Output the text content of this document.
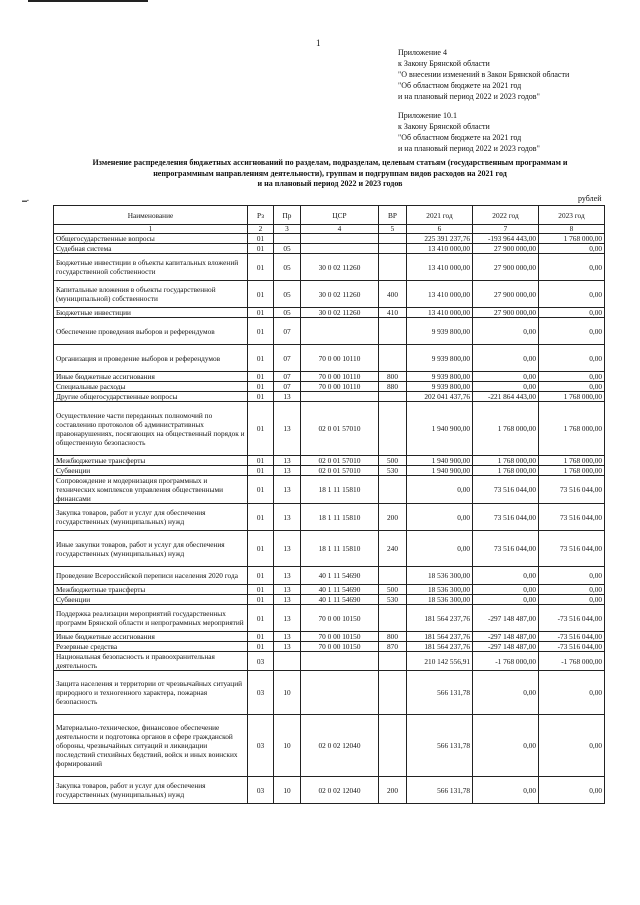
1
Приложение 4
к Закону Брянской области
"О внесении изменений в Закон Брянской области
"Об областном бюджете на 2021 год
и на плановый период 2022 и 2023 годов"
Приложение 10.1
к Закону Брянской области
"Об областном бюджете на 2021 год
и на плановый период 2022 и 2023 годов"
Изменение распределения бюджетных ассигнований по разделам, подразделам, целевым статьям (государственным программам и
непрограммным направлениям деятельности), группам и подгруппам видов расходов на 2021 год
и на плановый период 2022 и 2023 годов
▬▪	рублей
Наименование	Рз	Пр	ЦСР	ВР	2021 год	2022 год	2023 год
1	2	3	4	5	6	7	8
Общегосударственные вопросы	01				225 391 237,76	-193 964 443,00	1 768 000,00
Судебная система	01	05			13 410 000,00	27 900 000,00	0,00
Бюджетные инвестиции в объекты капитальных вложений государственной собственности	01	05	30 0 02 11260		13 410 000,00	27 900 000,00	0,00
Капитальные вложения в объекты государственной (муниципальной) собственности	01	05	30 0 02 11260	400	13 410 000,00	27 900 000,00	0,00
Бюджетные инвестиции	01	05	30 0 02 11260	410	13 410 000,00	27 900 000,00	0,00
Обеспечение проведения выборов и референдумов	01	07			9 939 800,00	0,00	0,00
Организация и проведение выборов и референдумов	01	07	70 0 00 10110		9 939 800,00	0,00	0,00
Иные бюджетные ассигнования	01	07	70 0 00 10110	800	9 939 800,00	0,00	0,00
Специальные расходы	01	07	70 0 00 10110	880	9 939 800,00	0,00	0,00
Другие общегосударственные вопросы	01	13			202 041 437,76	-221 864 443,00	1 768 000,00
Осуществление части переданных полномочий по составлению протоколов об административных правонарушениях, посягающих на общественный порядок и общественную безопасность	01	13	02 0 01 57010		1 940 900,00	1 768 000,00	1 768 000,00
Межбюджетные трансферты	01	13	02 0 01 57010	500	1 940 900,00	1 768 000,00	1 768 000,00
Субвенции	01	13	02 0 01 57010	530	1 940 900,00	1 768 000,00	1 768 000,00
Сопровождение и модернизация программных и технических комплексов управления общественными финансами	01	13	18 1 11 15810		0,00	73 516 044,00	73 516 044,00
Закупка товаров, работ и услуг для обеспечения государственных (муниципальных) нужд	01	13	18 1 11 15810	200	0,00	73 516 044,00	73 516 044,00
Иные закупки товаров, работ и услуг для обеспечения государственных (муниципальных) нужд	01	13	18 1 11 15810	240	0,00	73 516 044,00	73 516 044,00
Проведение Всероссийской переписи населения 2020 года	01	13	40 1 11 54690		18 536 300,00	0,00	0,00
Межбюджетные трансферты	01	13	40 1 11 54690	500	18 536 300,00	0,00	0,00
Субвенции	01	13	40 1 11 54690	530	18 536 300,00	0,00	0,00
Поддержка реализации мероприятий государственных программ Брянской области и непрограммных мероприятий	01	13	70 0 00 10150		181 564 237,76	-297 148 487,00	-73 516 044,00
Иные бюджетные ассигнования	01	13	70 0 00 10150	800	181 564 237,76	-297 148 487,00	-73 516 044,00
Резервные средства	01	13	70 0 00 10150	870	181 564 237,76	-297 148 487,00	-73 516 044,00
Национальная безопасность и правоохранительная деятельность	03				210 142 556,91	-1 768 000,00	-1 768 000,00
Защита населения и территории от чрезвычайных ситуаций природного и техногенного характера, пожарная безопасность	03	10			566 131,78	0,00	0,00
Материально-техническое, финансовое обеспечение деятельности и подготовка органов в сфере гражданской обороны, чрезвычайных ситуаций и ликвидации последствий стихийных бедствий, войск и иных воинских формирований	03	10	02 0 02 12040		566 131,78	0,00	0,00
Закупка товаров, работ и услуг для обеспечения государственных (муниципальных) нужд	03	10	02 0 02 12040	200	566 131,78	0,00	0,00
